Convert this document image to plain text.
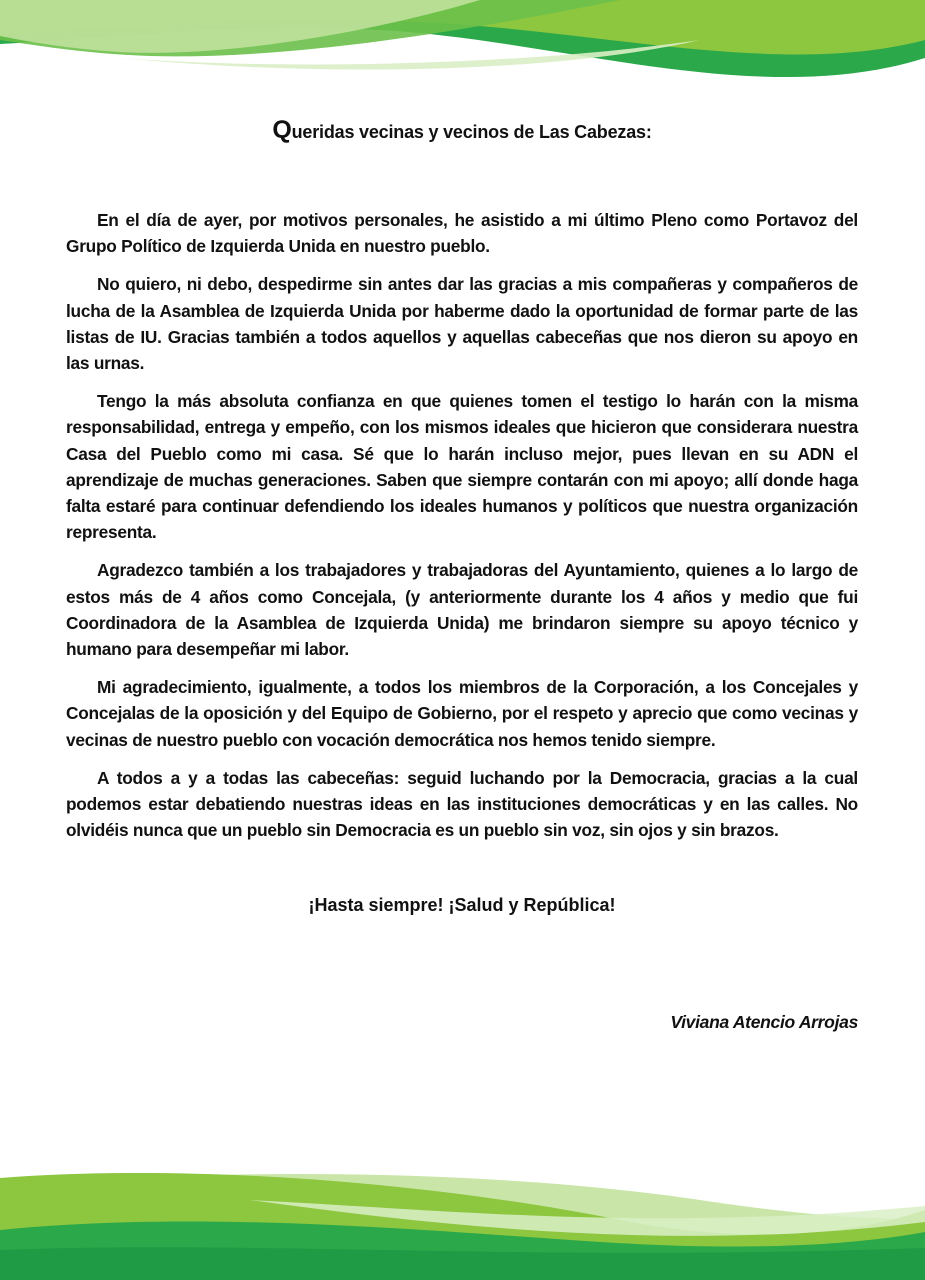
Queridas vecinas y vecinos de Las Cabezas:

En el día de ayer, por motivos personales, he asistido a mi último Pleno como Portavoz del Grupo Político de Izquierda Unida en nuestro pueblo.

No quiero, ni debo, despedirme sin antes dar las gracias a mis compañeras y compañeros de lucha de la Asamblea de Izquierda Unida por haberme dado la oportunidad de formar parte de las listas de IU. Gracias también a todos aquellos y aquellas cabeceñas que nos dieron su apoyo en las urnas.

Tengo la más absoluta confianza en que quienes tomen el testigo lo harán con la misma responsabilidad, entrega y empeño, con los mismos ideales que hicieron que considerara nuestra Casa del Pueblo como mi casa. Sé que lo harán incluso mejor, pues llevan en su ADN el aprendizaje de muchas generaciones. Saben que siempre contarán con mi apoyo; allí donde haga falta estaré para continuar defendiendo los ideales humanos y políticos que nuestra organización representa.

Agradezco también a los trabajadores y trabajadoras del Ayuntamiento, quienes a lo largo de estos más de 4 años como Concejala, (y anteriormente durante los 4 años y medio que fui Coordinadora de la Asamblea de Izquierda Unida) me brindaron siempre su apoyo técnico y humano para desempeñar mi labor.

Mi agradecimiento, igualmente, a todos los miembros de la Corporación, a los Concejales y Concejalas de la oposición y del Equipo de Gobierno, por el respeto y aprecio que como vecinas y vecinas de nuestro pueblo con vocación democrática nos hemos tenido siempre.

A todos a y a todas las cabeceñas: seguid luchando por la Democracia, gracias a la cual podemos estar debatiendo nuestras ideas en las instituciones democráticas y en las calles. No olvidéis nunca que un pueblo sin Democracia es un pueblo sin voz, sin ojos y sin brazos.

¡Hasta siempre! ¡Salud y República!

Viviana Atencio Arrojas
